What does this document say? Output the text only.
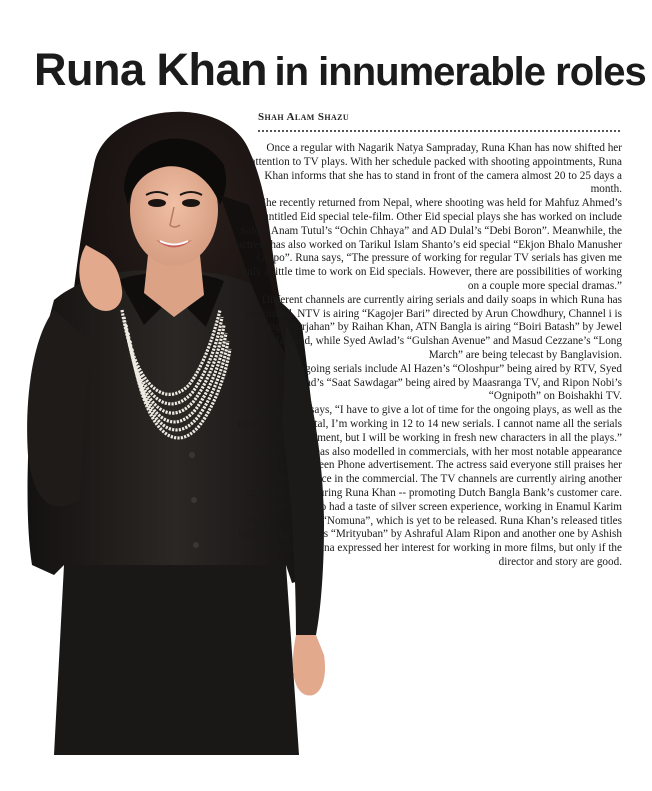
Runa Khan in innumerable roles
Shah Alam Shazu

Once a regular with Nagarik Natya Sampraday, Runa Khan has now shifted her attention to TV plays. With her schedule packed with shooting appointments, Runa Khan informs that she has to stand in front of the camera almost 20 to 25 days a month.

She recently returned from Nepal, where shooting was held for Mahfuz Ahmed’s untitled Eid special tele-film. Other Eid special plays she has worked on include Saidul Anam Tutul’s “Ochin Chhaya” and AD Dulal’s “Debi Boron”. Meanwhile, the actress has also worked on Tarikul Islam Shanto’s eid special “Ekjon Bhalo Manusher Golpo”. Runa says, “The pressure of working for regular TV serials has given me only a little time to work on Eid specials. However, there are possibilities of working on a couple more special dramas.”

Different channels are currently airing serials and daily soaps in which Runa has performed. NTV is airing “Kagojer Bari” directed by Arun Chowdhury, Channel i is airing “Nurjahan” by Raihan Khan, ATN Bangla is airing “Boiri Batash” by Jewel Mahmud, while Syed Awlad’s “Gulshan Avenue” and Masud Cezzane’s “Long March” are being telecast by Banglavision.

Other ongoing serials include Al Hazen’s “Oloshpur” being aired by RTV, Syed Awlad’s “Saat Sawdagar” being aired by Maasranga TV, and Ripon Nobi’s “Ognipoth” on Boishakhi TV.

Runa Khan says, “I have to give a lot of time for the ongoing plays, as well as the new serials. In total, I’m working in 12 to 14 new serials. I cannot name all the serials at the moment, but I will be working in fresh new characters in all the plays.”

Runa Khan has also modelled in commercials, with her most notable appearance in a Grameen Phone advertisement. The actress said everyone still praises her performance in the commercial. The TV channels are currently airing another commercial featuring Runa Khan -- promoting Dutch Bangla Bank’s customer care.

She has also had a taste of silver screen experience, working in Enamul Karim Nirjhar’s movie “Nomuna”, which is yet to be released. Runa Khan’s released titles include digital films “Mrityuban” by Ashraful Alam Ripon and another one by Ashish Khondokar. Runa expressed her interest for working in more films, but only if the director and story are good.
